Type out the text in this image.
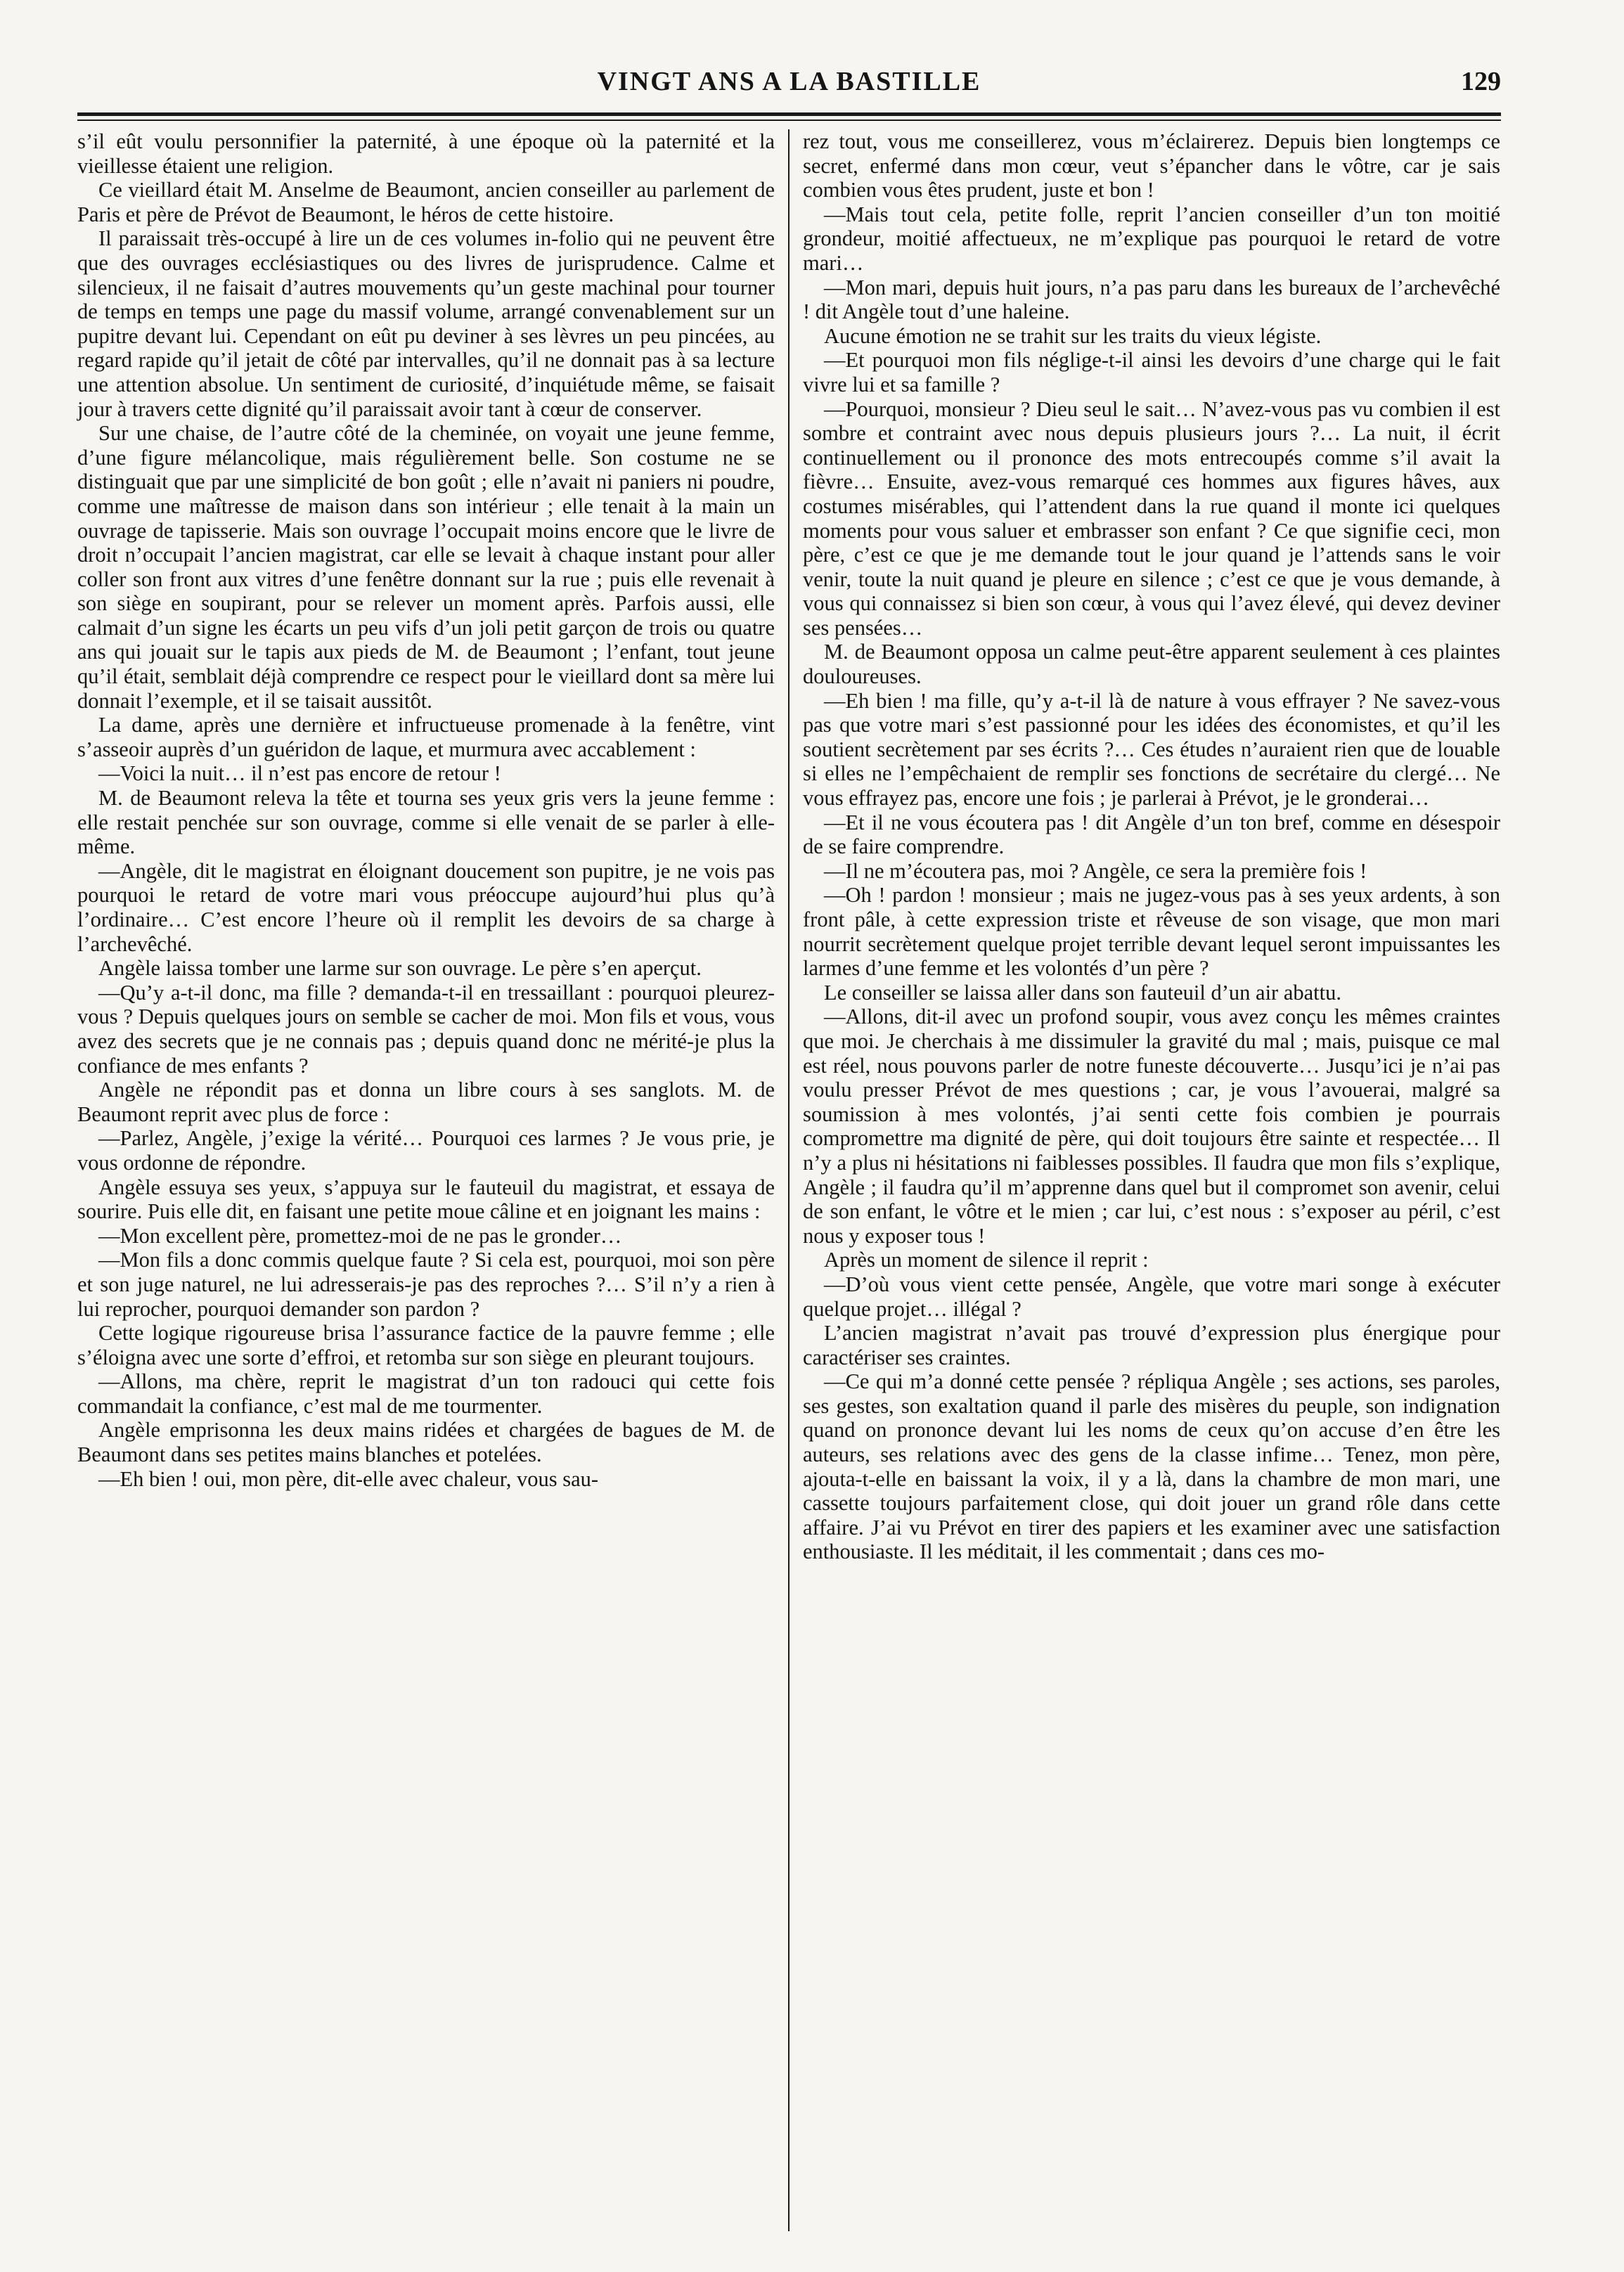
VINGT ANS A LA BASTILLE	129

s’il eût voulu personnifier la paternité, à une époque où la paternité et la vieillesse étaient une religion.

Ce vieillard était M. Anselme de Beaumont, ancien conseiller au parlement de Paris et père de Prévot de Beaumont, le héros de cette histoire.

Il paraissait très-occupé à lire un de ces volumes in-folio qui ne peuvent être que des ouvrages ecclésiastiques ou des livres de jurisprudence. Calme et silencieux, il ne faisait d’autres mouvements qu’un geste machinal pour tourner de temps en temps une page du massif volume, arrangé convenablement sur un pupitre devant lui. Cependant on eût pu deviner à ses lèvres un peu pincées, au regard rapide qu’il jetait de côté par intervalles, qu’il ne donnait pas à sa lecture une attention absolue. Un sentiment de curiosité, d’inquiétude même, se faisait jour à travers cette dignité qu’il paraissait avoir tant à cœur de conserver.

Sur une chaise, de l’autre côté de la cheminée, on voyait une jeune femme, d’une figure mélancolique, mais régulièrement belle. Son costume ne se distinguait que par une simplicité de bon goût ; elle n’avait ni paniers ni poudre, comme une maîtresse de maison dans son intérieur ; elle tenait à la main un ouvrage de tapisserie. Mais son ouvrage l’occupait moins encore que le livre de droit n’occupait l’ancien magistrat, car elle se levait à chaque instant pour aller coller son front aux vitres d’une fenêtre donnant sur la rue ; puis elle revenait à son siège en soupirant, pour se relever un moment après. Parfois aussi, elle calmait d’un signe les écarts un peu vifs d’un joli petit garçon de trois ou quatre ans qui jouait sur le tapis aux pieds de M. de Beaumont ; l’enfant, tout jeune qu’il était, semblait déjà comprendre ce respect pour le vieillard dont sa mère lui donnait l’exemple, et il se taisait aussitôt.

La dame, après une dernière et infructueuse promenade à la fenêtre, vint s’asseoir auprès d’un guéridon de laque, et murmura avec accablement :

—Voici la nuit… il n’est pas encore de retour !

M. de Beaumont releva la tête et tourna ses yeux gris vers la jeune femme : elle restait penchée sur son ouvrage, comme si elle venait de se parler à elle-même.

—Angèle, dit le magistrat en éloignant doucement son pupitre, je ne vois pas pourquoi le retard de votre mari vous préoccupe aujourd’hui plus qu’à l’ordinaire… C’est encore l’heure où il remplit les devoirs de sa charge à l’archevêché.

Angèle laissa tomber une larme sur son ouvrage. Le père s’en aperçut.

—Qu’y a-t-il donc, ma fille ? demanda-t-il en tressaillant : pourquoi pleurez-vous ? Depuis quelques jours on semble se cacher de moi. Mon fils et vous, vous avez des secrets que je ne connais pas ; depuis quand donc ne mérité-je plus la confiance de mes enfants ?

Angèle ne répondit pas et donna un libre cours à ses sanglots. M. de Beaumont reprit avec plus de force :

—Parlez, Angèle, j’exige la vérité… Pourquoi ces larmes ? Je vous prie, je vous ordonne de répondre.

Angèle essuya ses yeux, s’appuya sur le fauteuil du magistrat, et essaya de sourire. Puis elle dit, en faisant une petite moue câline et en joignant les mains :

—Mon excellent père, promettez-moi de ne pas le gronder…

—Mon fils a donc commis quelque faute ? Si cela est, pourquoi, moi son père et son juge naturel, ne lui adresserais-je pas des reproches ?… S’il n’y a rien à lui reprocher, pourquoi demander son pardon ?

Cette logique rigoureuse brisa l’assurance factice de la pauvre femme ; elle s’éloigna avec une sorte d’effroi, et retomba sur son siège en pleurant toujours.

—Allons, ma chère, reprit le magistrat d’un ton radouci qui cette fois commandait la confiance, c’est mal de me tourmenter.

Angèle emprisonna les deux mains ridées et chargées de bagues de M. de Beaumont dans ses petites mains blanches et potelées.

—Eh bien ! oui, mon père, dit-elle avec chaleur, vous sau-

rez tout, vous me conseillerez, vous m’éclairerez. Depuis bien longtemps ce secret, enfermé dans mon cœur, veut s’épancher dans le vôtre, car je sais combien vous êtes prudent, juste et bon !

—Mais tout cela, petite folle, reprit l’ancien conseiller d’un ton moitié grondeur, moitié affectueux, ne m’explique pas pourquoi le retard de votre mari…

—Mon mari, depuis huit jours, n’a pas paru dans les bureaux de l’archevêché ! dit Angèle tout d’une haleine.

Aucune émotion ne se trahit sur les traits du vieux légiste.

—Et pourquoi mon fils néglige-t-il ainsi les devoirs d’une charge qui le fait vivre lui et sa famille ?

—Pourquoi, monsieur ? Dieu seul le sait… N’avez-vous pas vu combien il est sombre et contraint avec nous depuis plusieurs jours ?… La nuit, il écrit continuellement ou il prononce des mots entrecoupés comme s’il avait la fièvre… Ensuite, avez-vous remarqué ces hommes aux figures hâves, aux costumes misérables, qui l’attendent dans la rue quand il monte ici quelques moments pour vous saluer et embrasser son enfant ? Ce que signifie ceci, mon père, c’est ce que je me demande tout le jour quand je l’attends sans le voir venir, toute la nuit quand je pleure en silence ; c’est ce que je vous demande, à vous qui connaissez si bien son cœur, à vous qui l’avez élevé, qui devez deviner ses pensées…

M. de Beaumont opposa un calme peut-être apparent seulement à ces plaintes douloureuses.

—Eh bien ! ma fille, qu’y a-t-il là de nature à vous effrayer ? Ne savez-vous pas que votre mari s’est passionné pour les idées des économistes, et qu’il les soutient secrètement par ses écrits ?… Ces études n’auraient rien que de louable si elles ne l’empêchaient de remplir ses fonctions de secrétaire du clergé… Ne vous effrayez pas, encore une fois ; je parlerai à Prévot, je le gronderai…

—Et il ne vous écoutera pas ! dit Angèle d’un ton bref, comme en désespoir de se faire comprendre.

—Il ne m’écoutera pas, moi ? Angèle, ce sera la première fois !

—Oh ! pardon ! monsieur ; mais ne jugez-vous pas à ses yeux ardents, à son front pâle, à cette expression triste et rêveuse de son visage, que mon mari nourrit secrètement quelque projet terrible devant lequel seront impuissantes les larmes d’une femme et les volontés d’un père ?

Le conseiller se laissa aller dans son fauteuil d’un air abattu.

—Allons, dit-il avec un profond soupir, vous avez conçu les mêmes craintes que moi. Je cherchais à me dissimuler la gravité du mal ; mais, puisque ce mal est réel, nous pouvons parler de notre funeste découverte… Jusqu’ici je n’ai pas voulu presser Prévot de mes questions ; car, je vous l’avouerai, malgré sa soumission à mes volontés, j’ai senti cette fois combien je pourrais compromettre ma dignité de père, qui doit toujours être sainte et respectée… Il n’y a plus ni hésitations ni faiblesses possibles. Il faudra que mon fils s’explique, Angèle ; il faudra qu’il m’apprenne dans quel but il compromet son avenir, celui de son enfant, le vôtre et le mien ; car lui, c’est nous : s’exposer au péril, c’est nous y exposer tous !

Après un moment de silence il reprit :

—D’où vous vient cette pensée, Angèle, que votre mari songe à exécuter quelque projet… illégal ?

L’ancien magistrat n’avait pas trouvé d’expression plus énergique pour caractériser ses craintes.

—Ce qui m’a donné cette pensée ? répliqua Angèle ; ses actions, ses paroles, ses gestes, son exaltation quand il parle des misères du peuple, son indignation quand on prononce devant lui les noms de ceux qu’on accuse d’en être les auteurs, ses relations avec des gens de la classe infime… Tenez, mon père, ajouta-t-elle en baissant la voix, il y a là, dans la chambre de mon mari, une cassette toujours parfaitement close, qui doit jouer un grand rôle dans cette affaire. J’ai vu Prévot en tirer des papiers et les examiner avec une satisfaction enthousiaste. Il les méditait, il les commentait ; dans ces mo-
